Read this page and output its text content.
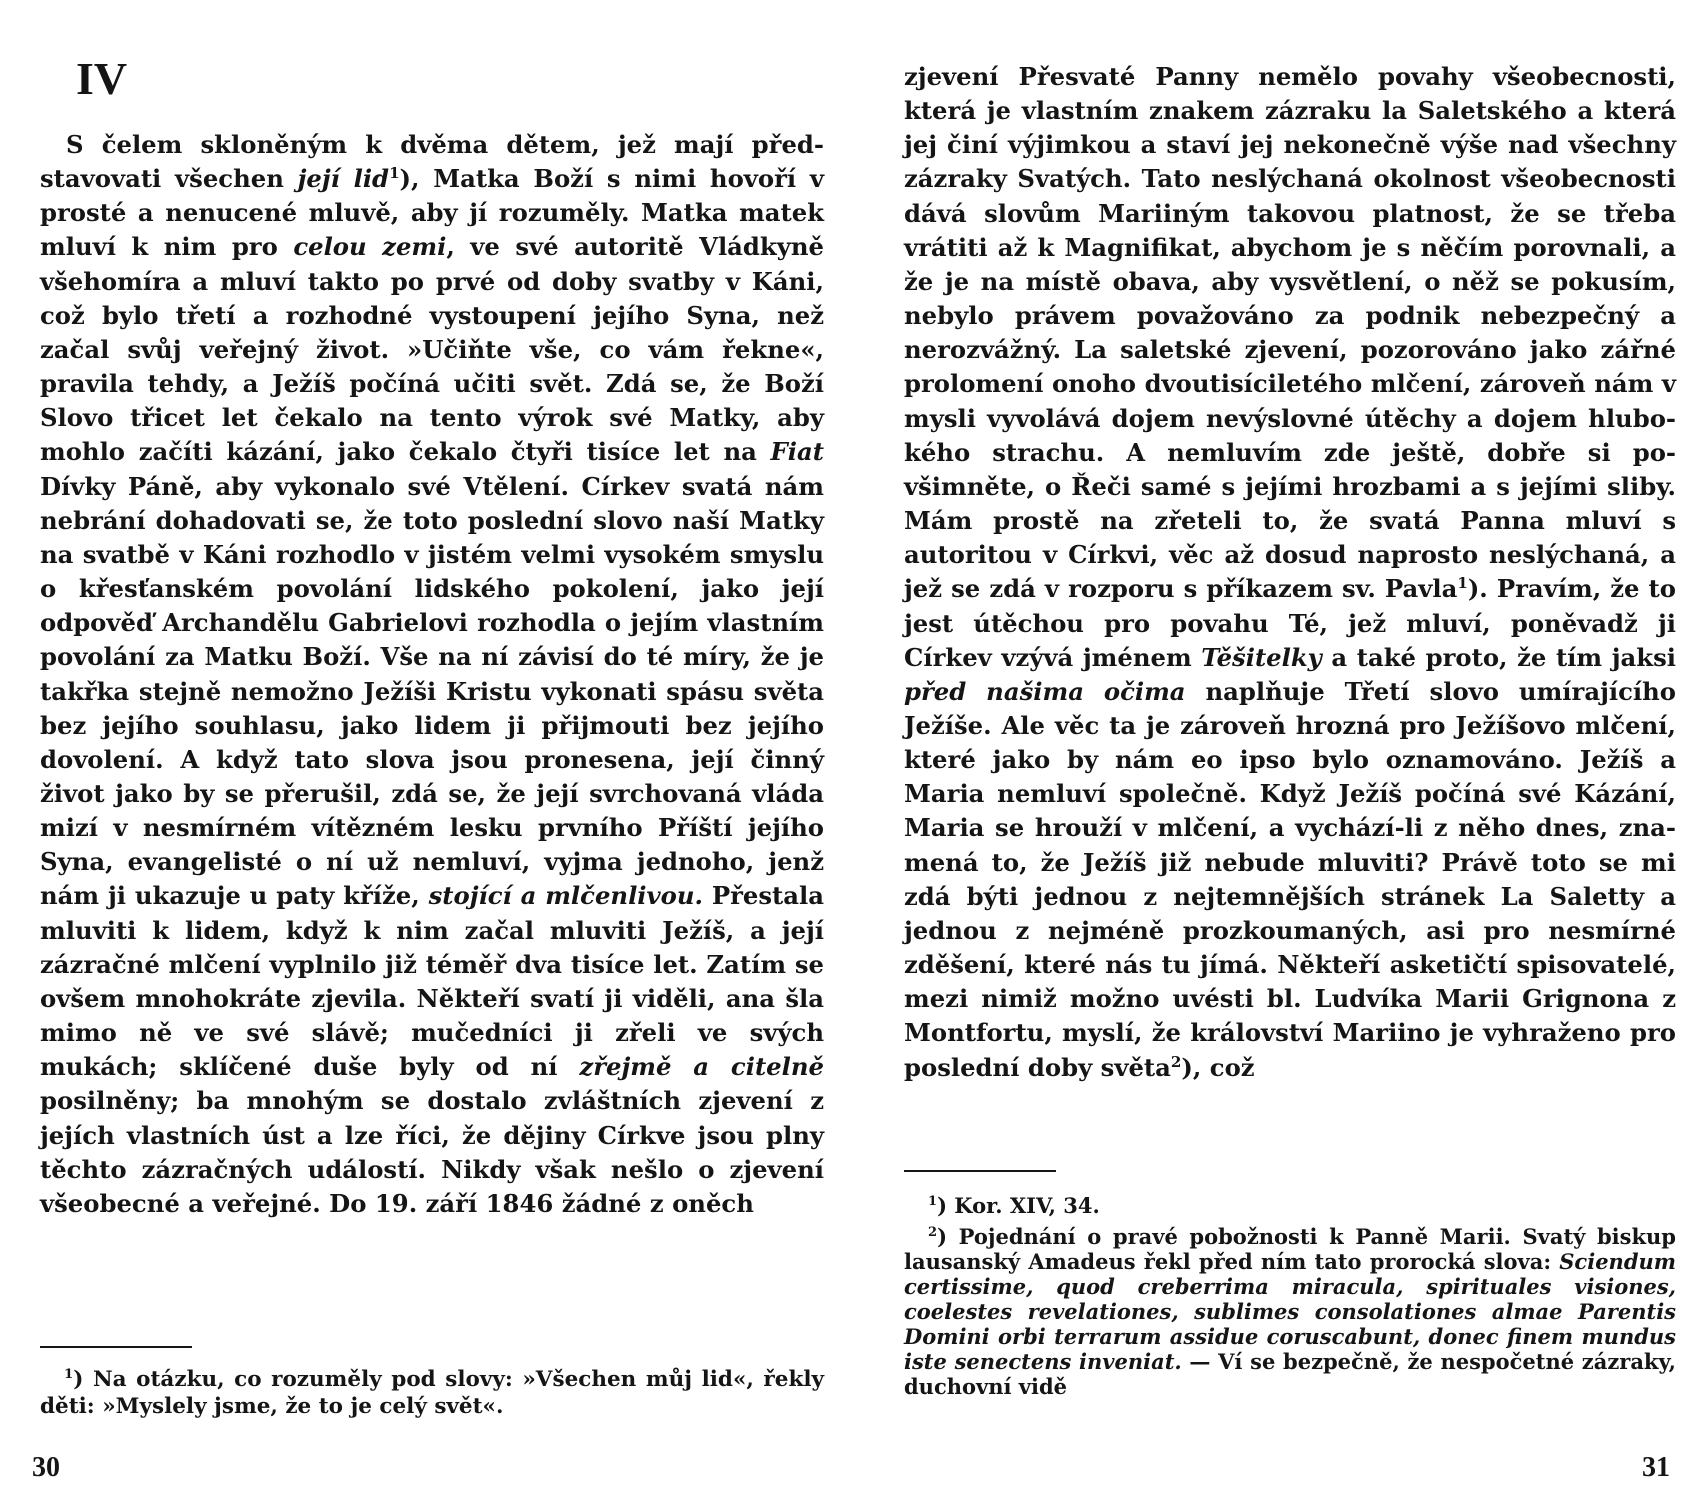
IV

S čelem skloněným k dvěma dětem, jež mají představovati všechen její lid$^1$), Matka Boží s nimi hovoří v prosté a nenucené mluvě, aby jí rozuměly. Matka matek mluví k nim pro celou zemi, ve své autoritě Vládkyně všehomíra a mluví takto po prvé od doby svatby v Káni, což bylo třetí a rozhodné vystoupení jejího Syna, než začal svůj veřejný život. »Učiňte vše, co vám řekne«, pravila tehdy, a Ježíš počíná učiti svět. Zdá se, že Boží Slovo třicet let čekalo na tento výrok své Matky, aby mohlo začíti kázání, jako čekalo čtyři tisíce let na Fiat Dívky Páně, aby vykonalo své Vtělení. Církev svatá nám nebrání dohadovati se, že toto poslední slovo naší Matky na svatbě v Káni rozhodlo v jistém velmi vysokém smyslu o křesťanském povolání lidského pokolení, jako její odpověď Archandělu Gabrielovi rozhodla o jejím vlastním povolání za Matku Boží. Vše na ní závisí do té míry, že je takřka stejně nemožno Ježíši Kristu vykonati spásu světa bez jejího souhlasu, jako lidem ji přijmouti bez jejího dovolení. A když tato slova jsou pronesena, její činný život jako by se přerušil, zdá se, že její svrchovaná vláda mizí v nesmírném vítězném lesku prvního Příští jejího Syna, evangelisté o ní už nemluví, vyjma jednoho, jenž nám ji ukazuje u paty kříže, stojící a mlčenlivou. Přestala mluviti k lidem, když k nim začal mluviti Ježíš, a její zázračné mlčení vyplnilo již téměř dva tisíce let. Zatím se ovšem mnohokráte zjevila. Někteří svatí ji viděli, ana šla mimo ně ve své slávě; mučedníci ji zřeli ve svých mukách; sklíčené duše byly od ní zřejmě a citelně posilněny; ba mnohým se dostalo zvláštních zjevení z jejích vlastních úst a lze říci, že dějiny Církve jsou plny těchto zázračných událostí. Nikdy však nešlo o zjevení všeobecné a veřejné. Do 19. září 1846 žádné z oněch

$^1$) Na otázku, co rozuměly pod slovy: »Všechen můj lid«, řekly děti: »Myslely jsme, že to je celý svět«.

30

zjevení Přesvaté Panny nemělo povahy všeobecnosti, která je vlastním znakem zázraku la Saletského a která jej činí výjimkou a staví jej nekonečně výše nad všechny zázraky Svatých. Tato neslýchaná okolnost všeobecnosti dává slovům Mariiným takovou platnost, že se třeba vrátiti až k Magnifikat, abychom je s něčím porovnali, a že je na místě obava, aby vysvětlení, o něž se pokusím, nebylo právem považováno za podnik nebezpečný a nerozvážný. La saletské zjevení, pozorováno jako zářné prolomení onoho dvoutisíciletého mlčení, zároveň nám v mysli vyvolává dojem nevýslovné útěchy a dojem hlubokého strachu. A nemluvím zde ještě, dobře si povšimněte, o Řeči samé s jejími hrozbami a s jejími sliby. Mám prostě na zřeteli to, že svatá Panna mluví s autoritou v Církvi, věc až dosud naprosto neslýchaná, a jež se zdá v rozporu s příkazem sv. Pavla$^1$). Pravím, že to jest útěchou pro povahu Té, jež mluví, poněvadž ji Církev vzývá jménem Těšitelky a také proto, že tím jaksi před našima očima naplňuje Třetí slovo umírajícího Ježíše. Ale věc ta je zároveň hrozná pro Ježíšovo mlčení, které jako by nám eo ipso bylo oznamováno. Ježíš a Maria nemluví společně. Když Ježíš počíná své Kázání, Maria se hrouží v mlčení, a vychází-li z něho dnes, znamená to, že Ježíš již nebude mluviti? Právě toto se mi zdá býti jednou z nejtemnějších stránek La Saletty a jednou z nejméně prozkoumaných, asi pro nesmírné zděšení, které nás tu jímá. Někteří asketičtí spisovatelé, mezi nimiž možno uvésti bl. Ludvíka Marii Grignona z Montfortu, myslí, že království Mariino je vyhraženo pro poslední doby světa$^2$), což

$^1$) Kor. XIV, 34.

$^2$) Pojednání o pravé pobožnosti k Panně Marii. Svatý biskup lausanský Amadeus řekl před ním tato prorocká slova: Sciendum certissime, quod creberrima miracula, spirituales visiones, coelestes revelationes, sublimes consolationes almae Parentis Domini orbi terrarum assidue coruscabunt, donec finem mundus iste senectens inveniat. — Ví se bezpečně, že nespočetné zázraky, duchovní vidě

31
